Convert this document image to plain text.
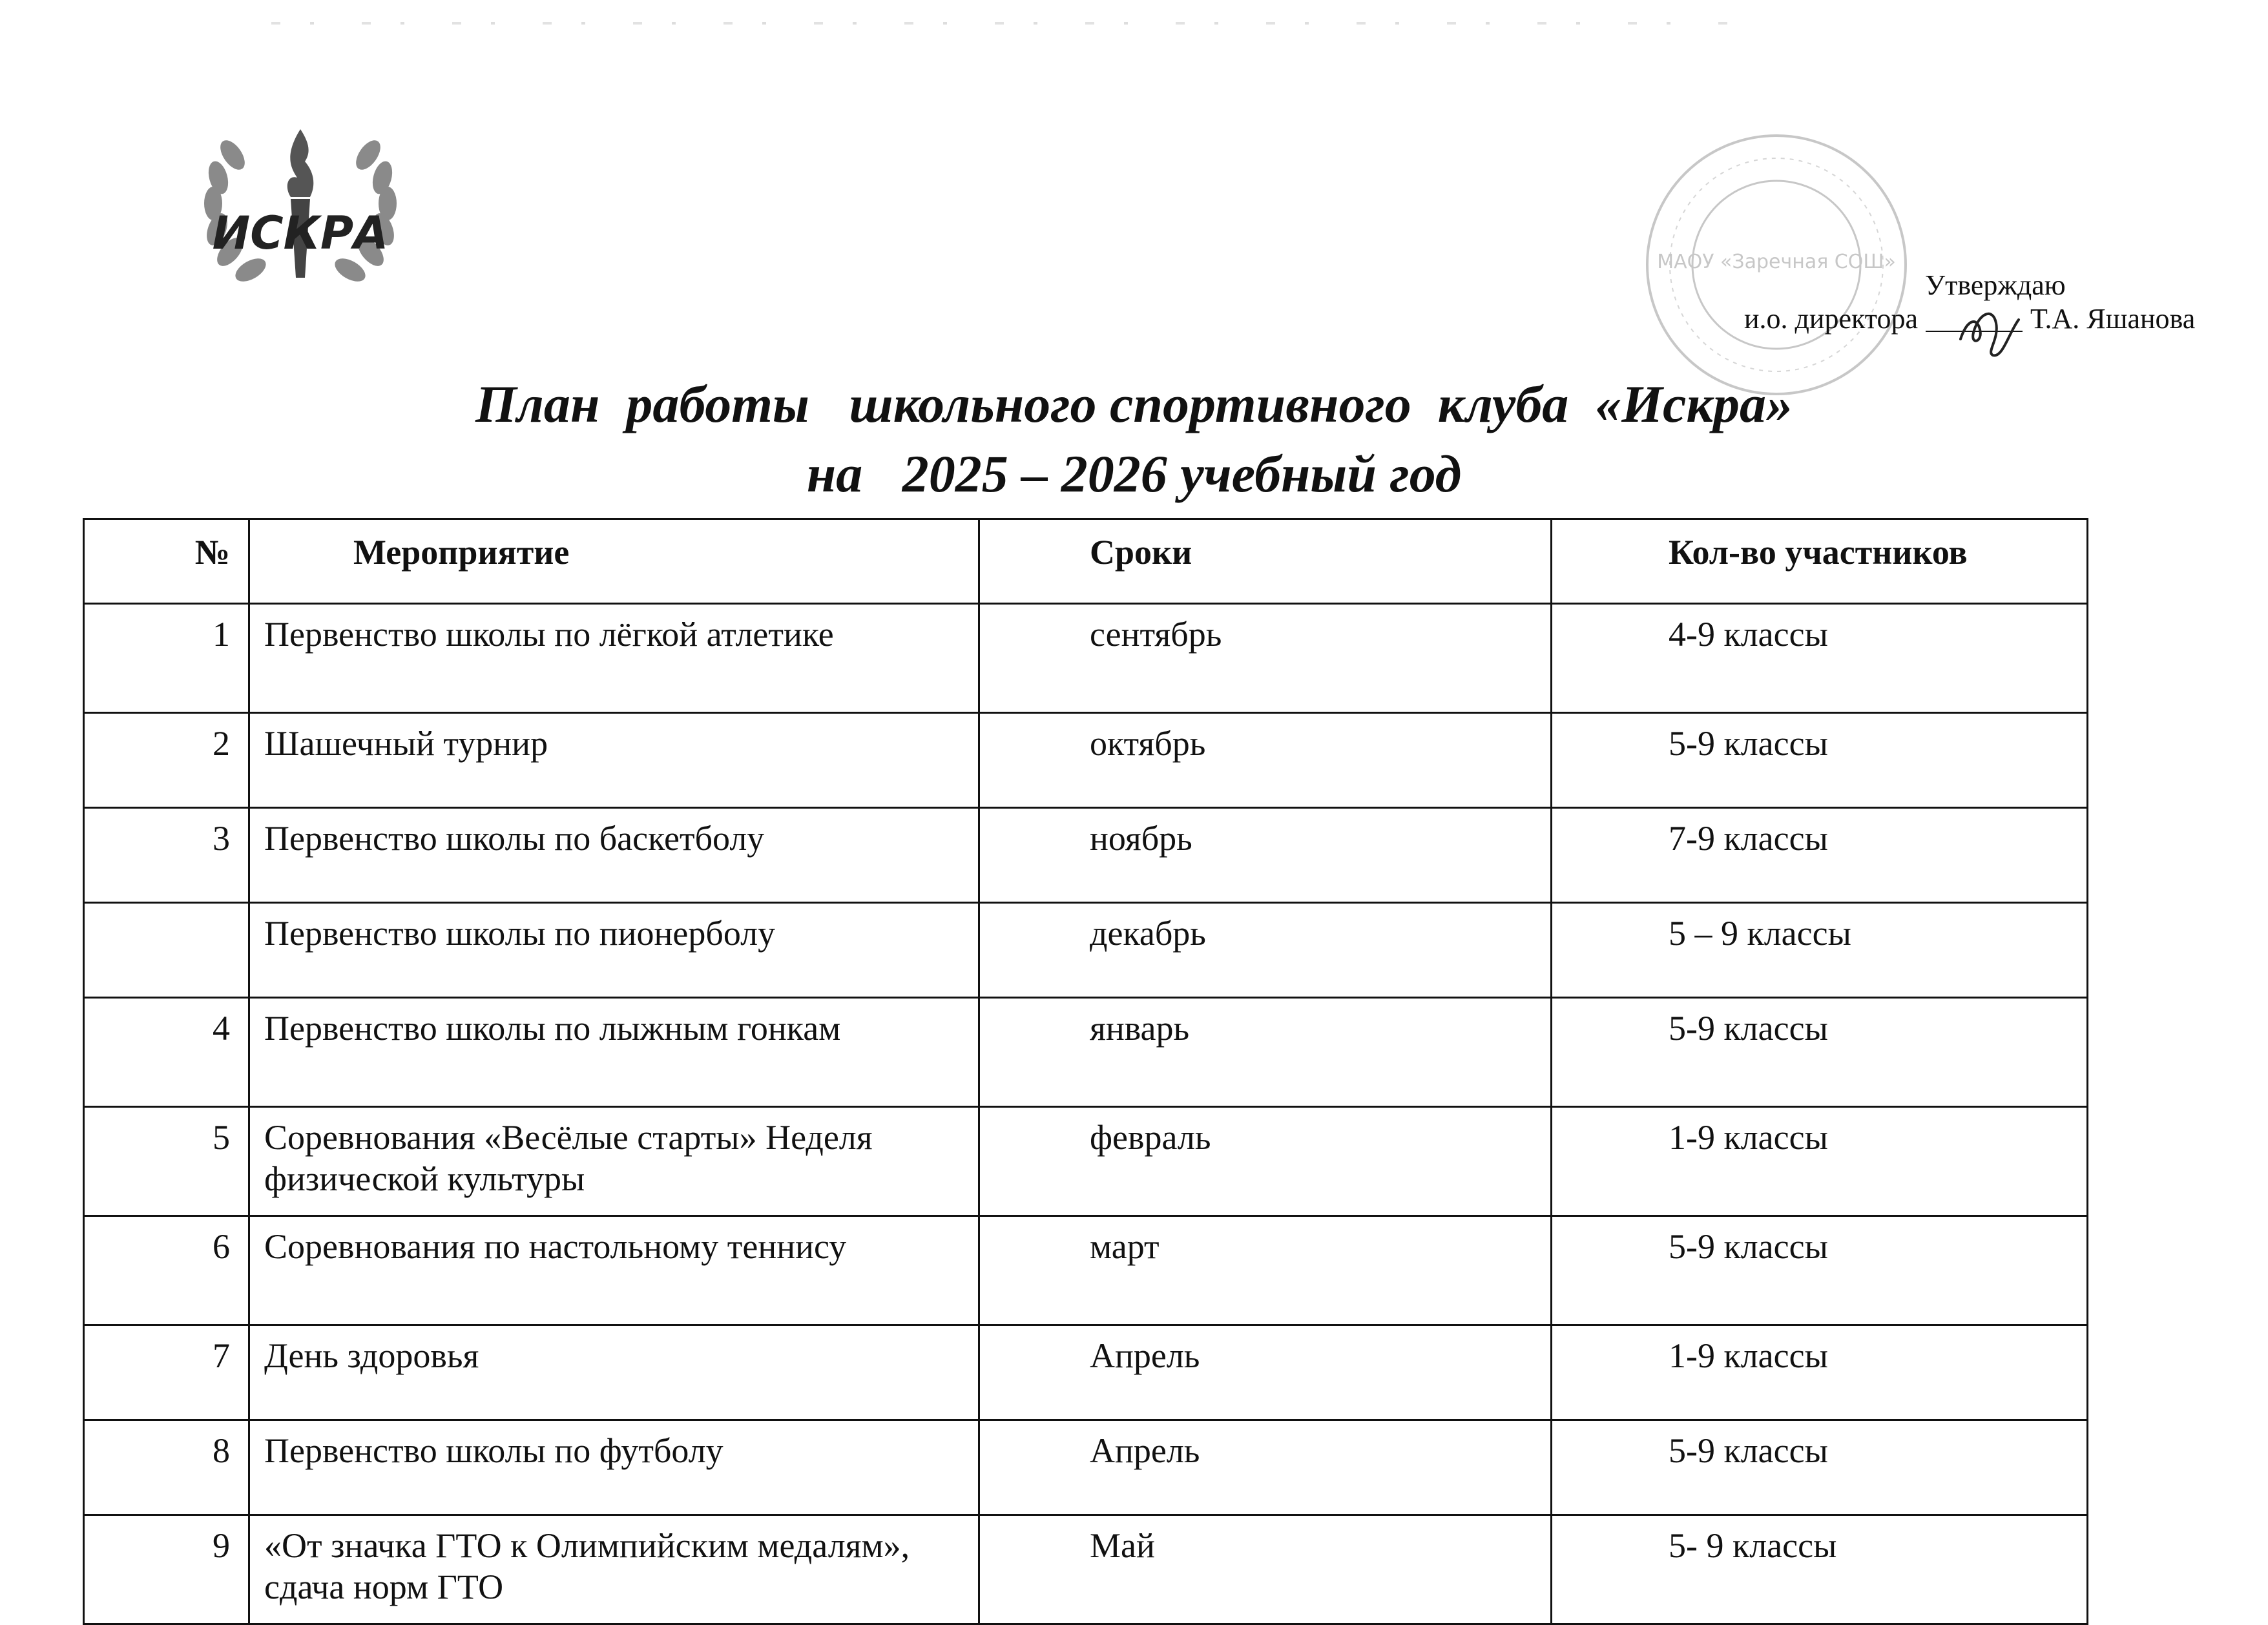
ИСКРА
МАОУ «Заречная СОШ»
Утверждаю
и.о. директора	Т.А. Яшанова
План  работы   школьного спортивного  клуба  «Искра»
на   2025 – 2026 учебный год
№	Мероприятие	Сроки	Кол-во участников
1	Первенство школы по лёгкой атлетике	сентябрь	4-9 классы
2	Шашечный турнир	октябрь	5-9 классы
3	Первенство школы по баскетболу	ноябрь	7-9 классы
	Первенство школы по пионерболу	декабрь	5 – 9 классы
4	Первенство школы по лыжным гонкам	январь	5-9 классы
5	Соревнования «Весёлые старты» Неделя физической культуры	февраль	1-9 классы
6	Соревнования по настольному теннису	март	5-9 классы
7	День здоровья	Апрель	1-9 классы
8	Первенство школы по футболу	Апрель	5-9 классы
9	«От значка ГТО к Олимпийским медалям», сдача норм ГТО	Май	5- 9 классы
